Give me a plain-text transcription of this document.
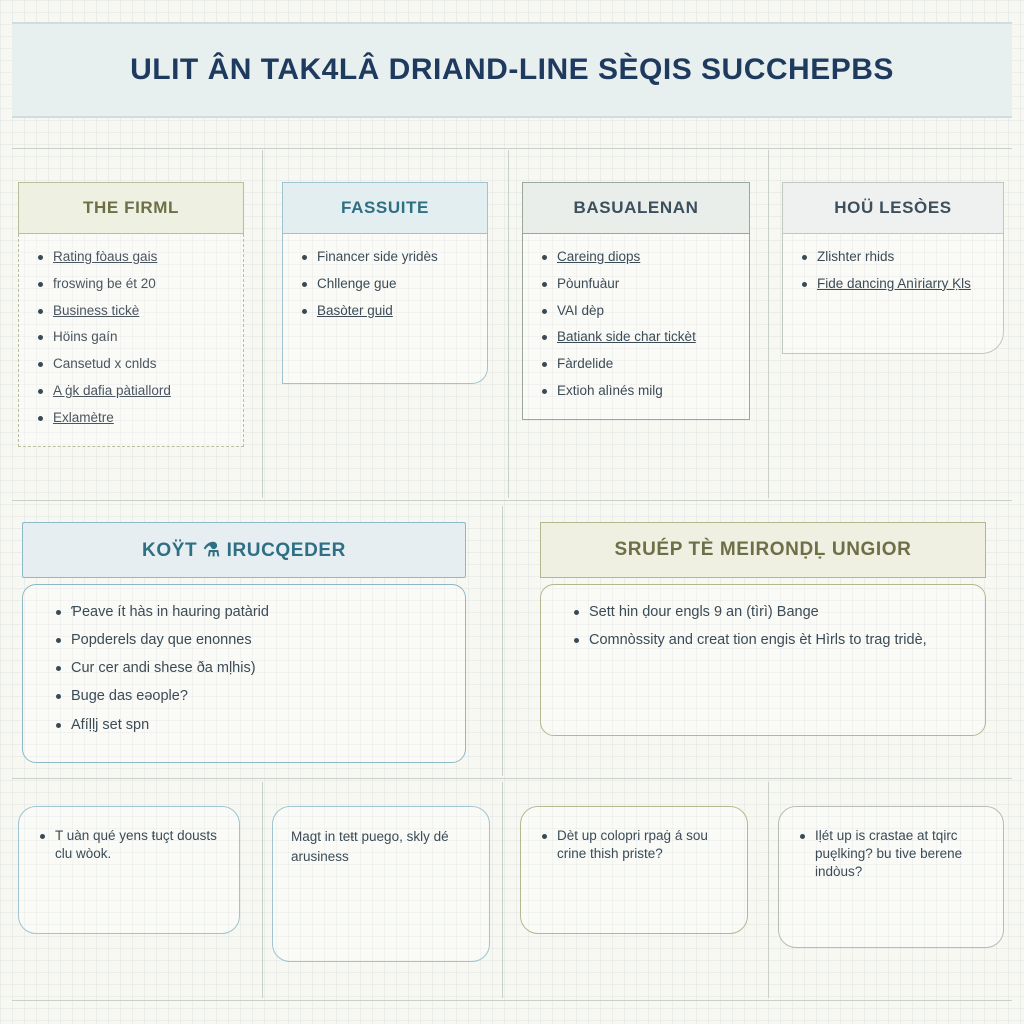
ULIT ÂN TAK4LÂ DRIAND-LINE SÈQIS SUCCHEPBS
THE FIRML
Rating fòaus gais
froswing be ét 20
Business tickè
Höins gaín
Cansetud x cnlds
A ġk dafia pàtiallord
Exlamètre
FASSUITE
Financer side yridès
Chllenge gue
Basòter guid
BASUALENAN
Careing diops
Pòunfuàur
VAI dèp
Batiank side char tickèt
Fàrdelide
Extioh alìnés milg
HOÜ LESÒES
Zlishter rhids
Fide dancing Anìriarry Ḳls
KOŸT ⚗ IRUCQEDER
Ƥeave ít hàs in hauring patàrid
Popderels day que enonnes
Cur cer andi shese ða mḷhis)
Buge das eǝople?
Afíḷḷj set spn
SRUÉP TÈ MEIRONḌḶ UNGIOR
Sett hin ḍour engls 9 an (tìrì) Bange
Comnòssity and creat tion engis èt Hìrls to trag tridè,
T uàn qué yens ŧuçt dousts clu wòok.
Magt in teŧt puego, skly dé arusiness
Dèt up colopri rpaġ á sou crine thish priste?
Iḷét up is crastae at tqirc puęlking? bu tive berene indòus?
